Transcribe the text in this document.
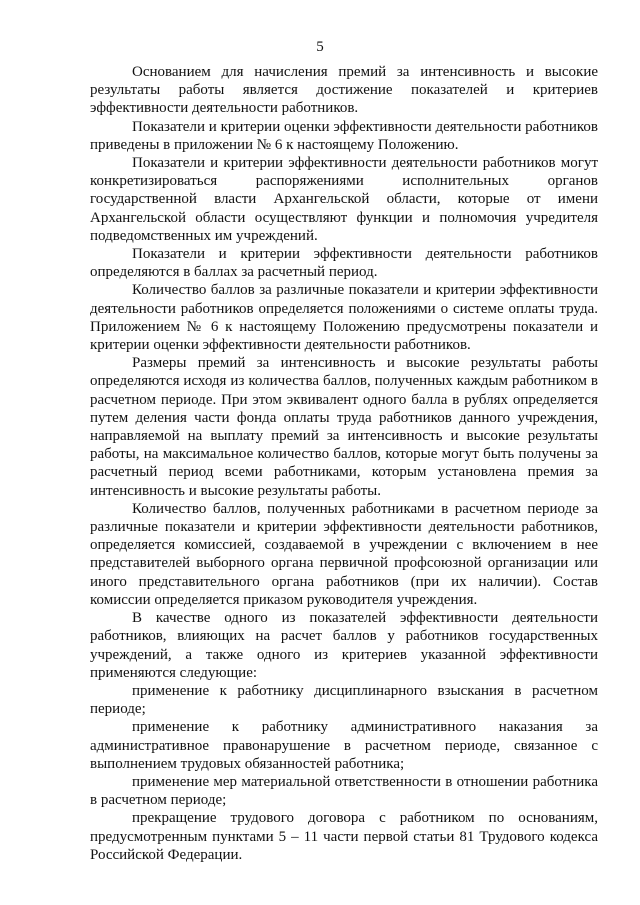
5

Основанием для начисления премий за интенсивность и высокие результаты работы является достижение показателей и критериев эффективности деятельности работников.

Показатели и критерии оценки эффективности деятельности работников приведены в приложении № 6 к настоящему Положению.

Показатели и критерии эффективности деятельности работников могут конкретизироваться распоряжениями исполнительных органов государственной власти Архангельской области, которые от имени Архангельской области осуществляют функции и полномочия учредителя подведомственных им учреждений.

Показатели и критерии эффективности деятельности работников определяются в баллах за расчетный период.

Количество баллов за различные показатели и критерии эффективности деятельности работников определяется положениями о системе оплаты труда. Приложением № 6 к настоящему Положению предусмотрены показатели и критерии оценки эффективности деятельности работников.

Размеры премий за интенсивность и высокие результаты работы определяются исходя из количества баллов, полученных каждым работником в расчетном периоде. При этом эквивалент одного балла в рублях определяется путем деления части фонда оплаты труда работников данного учреждения, направляемой на выплату премий за интенсивность и высокие результаты работы, на максимальное количество баллов, которые могут быть получены за расчетный период всеми работниками, которым установлена премия за интенсивность и высокие результаты работы.

Количество баллов, полученных работниками в расчетном периоде за различные показатели и критерии эффективности деятельности работников, определяется комиссией, создаваемой в учреждении с включением в нее представителей выборного органа первичной профсоюзной организации или иного представительного органа работников (при их наличии). Состав комиссии определяется приказом руководителя учреждения.

В качестве одного из показателей эффективности деятельности работников, влияющих на расчет баллов у работников государственных учреждений, а также одного из критериев указанной эффективности применяются следующие:

применение к работнику дисциплинарного взыскания в расчетном периоде;

применение к работнику административного наказания за административное правонарушение в расчетном периоде, связанное с выполнением трудовых обязанностей работника;

применение мер материальной ответственности в отношении работника в расчетном периоде;

прекращение трудового договора с работником по основаниям, предусмотренным пунктами 5 – 11 части первой статьи 81 Трудового кодекса Российской Федерации.
